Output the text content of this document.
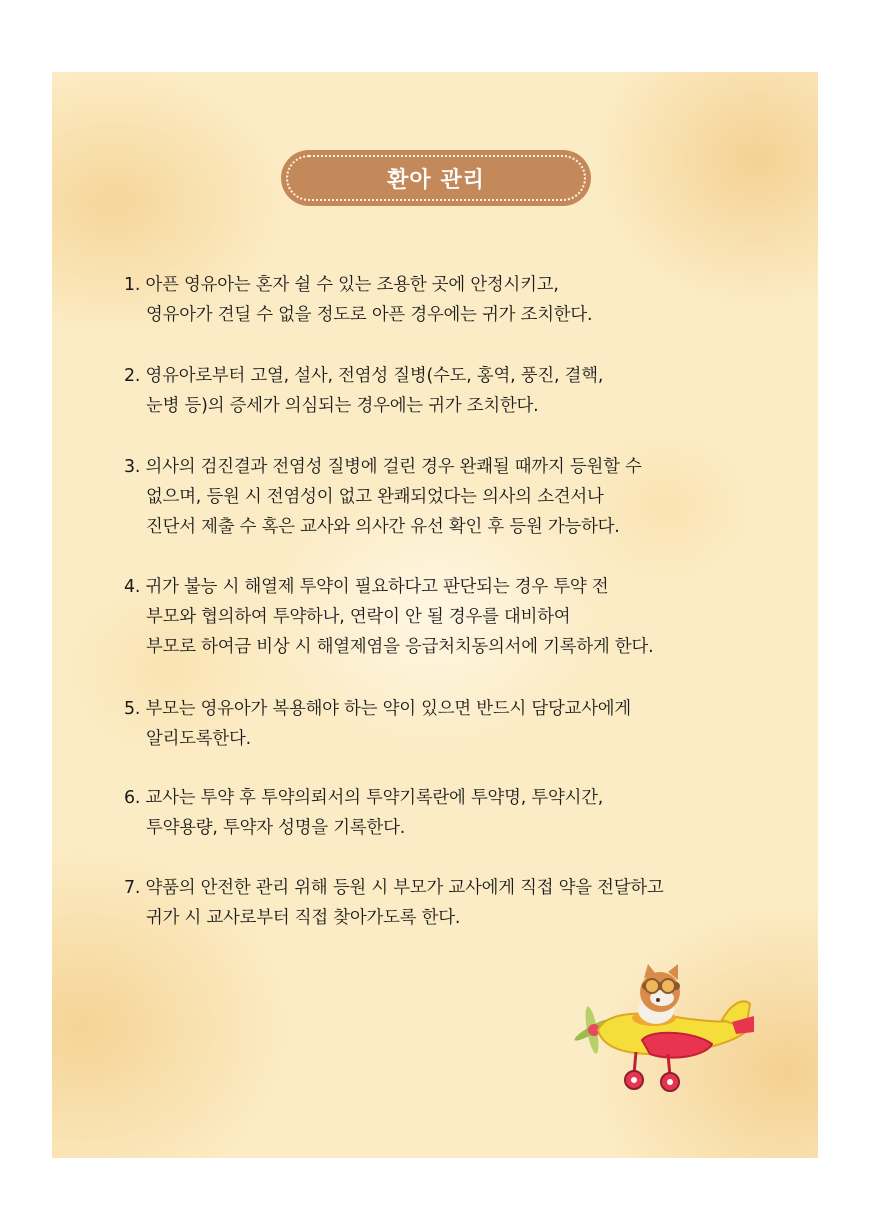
환아 관리
1. 아픈 영유아는 혼자 쉴 수 있는 조용한 곳에 안정시키고,
영유아가 견딜 수 없을 정도로 아픈 경우에는 귀가 조치한다.
2. 영유아로부터 고열, 설사, 전염성 질병(수도, 홍역, 풍진, 결핵,
눈병 등)의 증세가 의심되는 경우에는 귀가 조치한다.
3. 의사의 검진결과 전염성 질병에 걸린 경우 완쾌될 때까지 등원할 수
없으며, 등원 시 전염성이 없고 완쾌되었다는 의사의 소견서나
진단서 제출 수 혹은 교사와 의사간 유선 확인 후 등원 가능하다.
4. 귀가 불능 시 해열제 투약이 필요하다고 판단되는 경우 투약 전
부모와 협의하여 투약하나, 연락이 안 될 경우를 대비하여
부모로 하여금 비상 시 해열제염을 응급처치동의서에 기록하게 한다.
5. 부모는 영유아가 복용해야 하는 약이 있으면 반드시 담당교사에게
알리도록한다.
6. 교사는 투약 후 투약의뢰서의 투약기록란에 투약명, 투약시간,
투약용량, 투약자 성명을 기록한다.
7. 약품의 안전한 관리 위해 등원 시 부모가 교사에게 직접 약을 전달하고
귀가 시 교사로부터 직접 찾아가도록 한다.
